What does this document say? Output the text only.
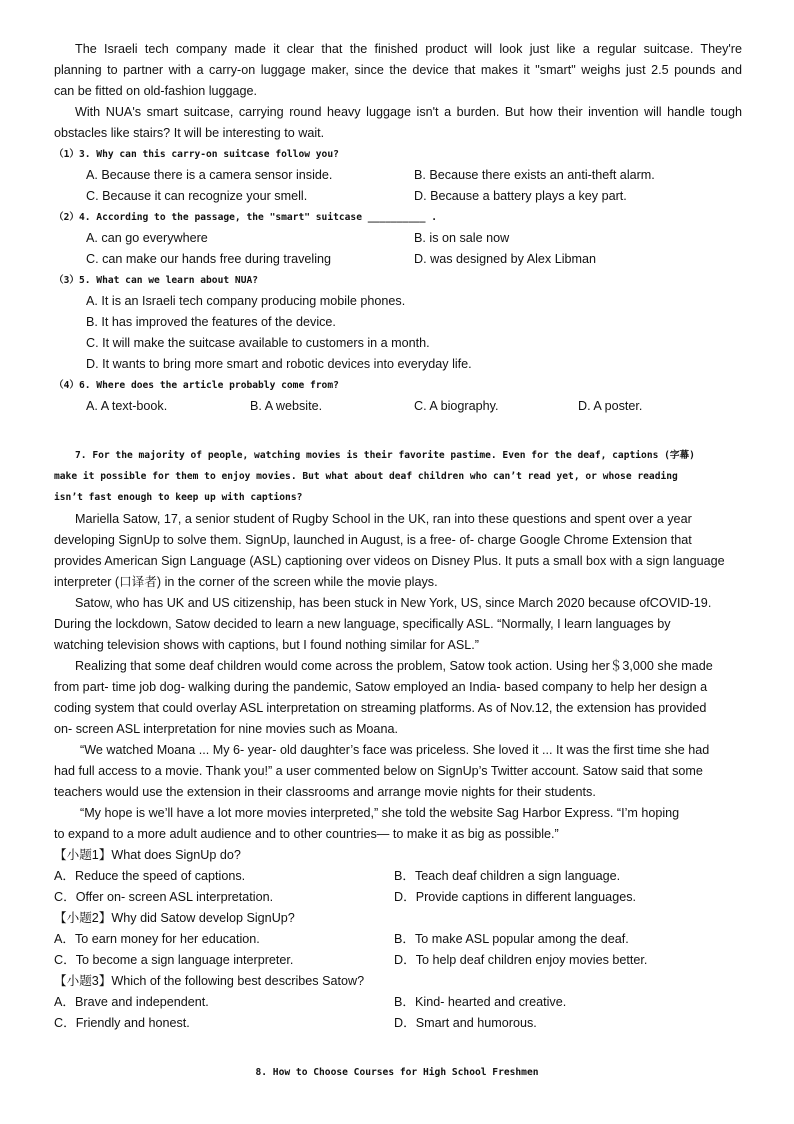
The Israeli tech company made it clear that the finished product will look just like a regular suitcase. They're
planning to partner with a carry-on luggage maker, since the device that makes it "smart" weighs just 2.5 pounds and
can be fitted on old-fashion luggage.
With NUA's smart suitcase, carrying round heavy luggage isn't a burden. But how their invention will handle tough
obstacles like stairs? It will be interesting to wait.
（1）3. Why can this carry-on suitcase follow you?
A. Because there is a camera sensor inside.	B. Because there exists an anti-theft alarm.
C. Because it can recognize your smell.	D. Because a battery plays a key part.
（2）4. According to the passage, the "smart" suitcase __________ .
A. can go everywhere	B. is on sale now
C. can make our hands free during traveling	D. was designed by Alex Libman
（3）5. What can we learn about NUA?
A. It is an Israeli tech company producing mobile phones.
B. It has improved the features of the device.
C. It will make the suitcase available to customers in a month.
D. It wants to bring more smart and robotic devices into everyday life.
（4）6. Where does the article probably come from?
A. A text-book.	B. A website.	C. A biography.	D. A poster.
7. For the majority of people, watching movies is their favorite pastime. Even for the deaf, captions (字幕)
make it possible for them to enjoy movies. But what about deaf children who can’t read yet, or whose reading
isn’t fast enough to keep up with captions?
Mariella Satow, 17, a senior student of Rugby School in the UK, ran into these questions and spent over a year
developing SignUp to solve them. SignUp, launched in August, is a free- of- charge Google Chrome Extension that
provides American Sign Language (ASL) captioning over videos on Disney Plus. It puts a small box with a sign language
interpreter (口译者) in the corner of the screen while the movie plays.
Satow, who has UK and US citizenship, has been stuck in New York, US, since March 2020 because ofCOVID-19.
During the lockdown, Satow decided to learn a new language, specifically ASL. “Normally, I learn languages by
watching television shows with captions, but I found nothing similar for ASL.”
Realizing that some deaf children would come across the problem, Satow took action. Using her＄3,000 she made
from part- time job dog- walking during the pandemic, Satow employed an India- based company to help her design a
coding system that could overlay ASL interpretation on streaming platforms. As of Nov.12, the extension has provided
on- screen ASL interpretation for nine movies such as Moana.
“We watched Moana ... My 6- year- old daughter’s face was priceless. She loved it ... It was the first time she had
had full access to a movie. Thank you!” a user commented below on SignUp’s Twitter account. Satow said that some
teachers would use the extension in their classrooms and arrange movie nights for their students.
“My hope is we’ll have a lot more movies interpreted,” she told the website Sag Harbor Express. “I’m hoping
to expand to a more adult audience and to other countries— to make it as big as possible.”
【小题1】What does SignUp do?
A．Reduce the speed of captions.	B．Teach deaf children a sign language.
C．Offer on- screen ASL interpretation.	D．Provide captions in different languages.
【小题2】Why did Satow develop SignUp?
A．To earn money for her education.	B．To make ASL popular among the deaf.
C．To become a sign language interpreter.	D．To help deaf children enjoy movies better.
【小题3】Which of the following best describes Satow?
A．Brave and independent.	B．Kind- hearted and creative.
C．Friendly and honest.	D．Smart and humorous.
8. How to Choose Courses for High School Freshmen
